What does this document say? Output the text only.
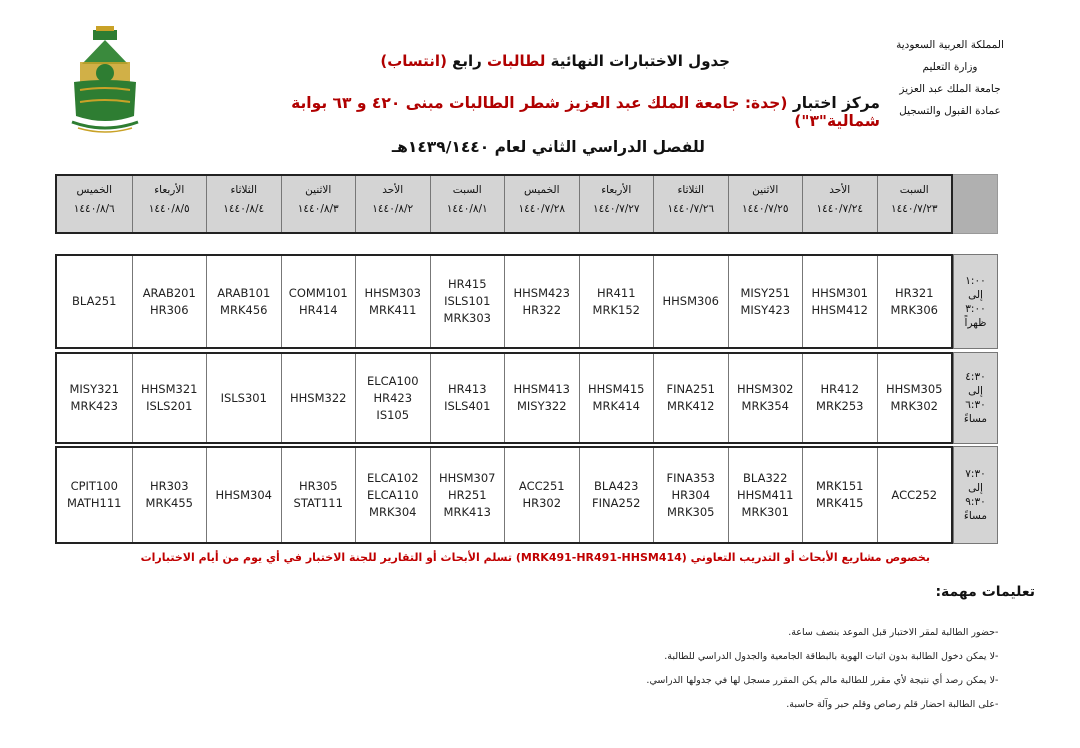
المملكة العربية السعودية
وزارة التعليم
جامعة الملك عبد العزيز
عمادة القبول والتسجيل
جدول الاختبارات النهائية لطالبات رابع (انتساب)
مركز اختبار (جدة: جامعة الملك عبد العزيز شطر الطالبات مبنى ٤٢٠ و ٦٣ بوابة شمالية"٣")
للفصل الدراسي الثاني لعام ١٤٣٩/١٤٤٠هـ
السبت
١٤٤٠/٧/٢٣
الأحد
١٤٤٠/٧/٢٤
الاثنين
١٤٤٠/٧/٢٥
الثلاثاء
١٤٤٠/٧/٢٦
الأربعاء
١٤٤٠/٧/٢٧
الخميس
١٤٤٠/٧/٢٨
السبت
١٤٤٠/٨/١
الأحد
١٤٤٠/٨/٢
الاثنين
١٤٤٠/٨/٣
الثلاثاء
١٤٤٠/٨/٤
الأربعاء
١٤٤٠/٨/٥
الخميس
١٤٤٠/٨/٦
١:٠٠
إلى
٣:٠٠
ظهراً
HR321
MRK306
HHSM301
HHSM412
MISY251
MISY423
HHSM306
HR411
MRK152
HHSM423
HR322
HR415
ISLS101
MRK303
HHSM303
MRK411
COMM101
HR414
ARAB101
MRK456
ARAB201
HR306
BLA251
٤:٣٠
إلى
٦:٣٠
مساءً
HHSM305
MRK302
HR412
MRK253
HHSM302
MRK354
FINA251
MRK412
HHSM415
MRK414
HHSM413
MISY322
HR413
ISLS401
ELCA100
HR423
IS105
HHSM322
ISLS301
HHSM321
ISLS201
MISY321
MRK423
٧:٣٠
إلى
٩:٣٠
مساءً
ACC252
MRK151
MRK415
BLA322
HHSM411
MRK301
FINA353
HR304
MRK305
BLA423
FINA252
ACC251
HR302
HHSM307
HR251
MRK413
ELCA102
ELCA110
MRK304
HR305
STAT111
HHSM304
HR303
MRK455
CPIT100
MATH111
بخصوص مشاريع الأبحاث أو التدريب التعاوني (MRK491-HR491-HHSM414) تسلم الأبحاث أو التقارير للجنة الاختبار في أي يوم من أيام الاختبارات
تعليمات مهمة:
-حضور الطالبة لمقر الاختبار قبل الموعد بنصف ساعة.
-لا يمكن دخول الطالبة بدون اثبات الهوية بالبطاقة الجامعية والجدول الدراسي للطالبة.
-لا يمكن رصد أي نتيجة لأي مقرر للطالبة مالم يكن المقرر مسجل لها في جدولها الدراسي.
-على الطالبة احضار قلم رصاص وقلم حبر وآلة حاسبة.
